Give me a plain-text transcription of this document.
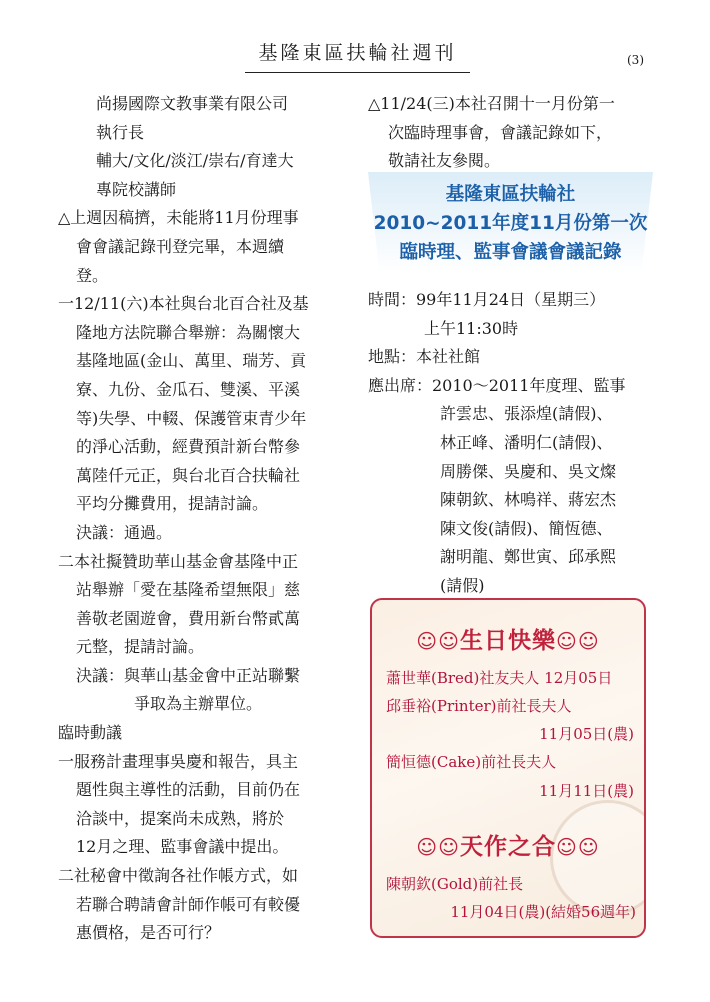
基隆東區扶輪社週刊	(3)
尚揚國際文教事業有限公司
執行長
輔大/文化/淡江/崇右/育達大
專院校講師
△上週因稿擠，未能將11月份理事
會會議記錄刊登完畢，本週續
登。
一12/11(六)本社與台北百合社及基
隆地方法院聯合舉辦：為關懷大
基隆地區(金山、萬里、瑞芳、貢
寮、九份、金瓜石、雙溪、平溪
等)失學、中輟、保護管束青少年
的淨心活動，經費預計新台幣參
萬陸仟元正，與台北百合扶輪社
平均分攤費用，提請討論。
決議：通過。
二本社擬贊助華山基金會基隆中正
站舉辦「愛在基隆希望無限」慈
善敬老園遊會，費用新台幣貳萬
元整，提請討論。
決議：與華山基金會中正站聯繫
爭取為主辦單位。
臨時動議
一服務計畫理事吳慶和報告，具主
題性與主導性的活動，目前仍在
洽談中，提案尚未成熟，將於
12月之理、監事會議中提出。
二社秘會中徵詢各社作帳方式，如
若聯合聘請會計師作帳可有較優
惠價格，是否可行？
△11/24(三)本社召開十一月份第一
次臨時理事會，會議記錄如下，
敬請社友參閱。
基隆東區扶輪社
2010~2011年度11月份第一次
臨時理、監事會議會議記錄
時間：99年11月24日（星期三）
上午11:30時
地點：本社社館
應出席：2010～2011年度理、監事
許雲忠、張添煌(請假)、
林正峰、潘明仁(請假)、
周勝傑、吳慶和、吳文燦
陳朝欽、林鳴祥、蔣宏杰
陳文俊(請假)、簡恆德、
謝明龍、鄭世寅、邱承熙
(請假)
☺☺生日快樂☺☺
蕭世華(Bred)社友夫人 12月05日
邱垂裕(Printer)前社長夫人
11月05日(農)
簡恒德(Cake)前社長夫人
11月11日(農)
☺☺天作之合☺☺
陳朝欽(Gold)前社長
11月04日(農)(結婚56週年)
